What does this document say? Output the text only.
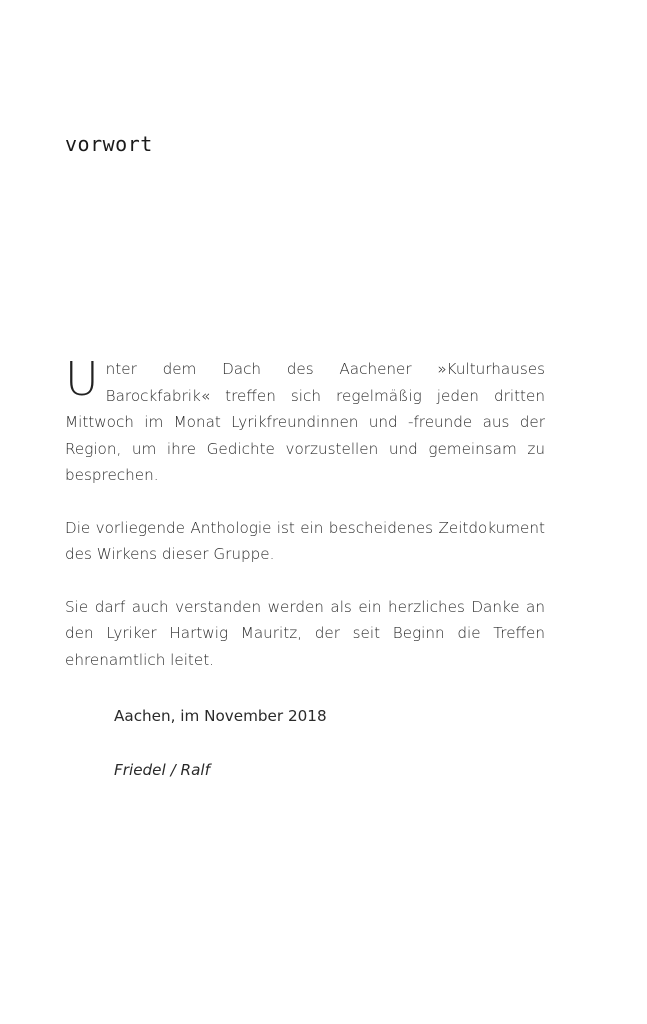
vorwort

Unter dem Dach des Aachener »Kulturhauses Barockfabrik« treffen sich regelmäßig jeden dritten Mittwoch im Monat Lyrikfreundinnen und -freunde aus der Region, um ihre Gedichte vorzustellen und gemeinsam zu besprechen.

Die vorliegende Anthologie ist ein bescheidenes Zeitdokument des Wirkens dieser Gruppe.

Sie darf auch verstanden werden als ein herzliches Danke an den Lyriker Hartwig Mauritz, der seit Beginn die Treffen ehrenamtlich leitet.

Aachen, im November 2018

Friedel / Ralf
